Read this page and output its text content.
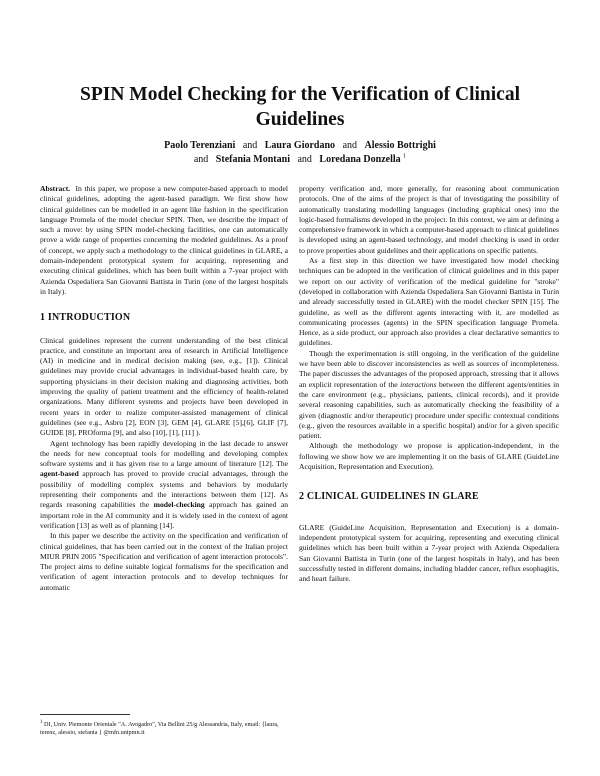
SPIN Model Checking for the Verification of Clinical Guidelines
Paolo Terenziani and Laura Giordano and Alessio Bottrighi
and Stefania Montani and Loredana Donzella $^1$

Abstract. In this paper, we propose a new computer-based approach to model clinical guidelines, adopting the agent-based paradigm. We first show how clinical guidelines can be modelled in an agent like fashion in the specification language Promela of the model checker SPIN. Then, we describe the impact of such a move: by using SPIN model-checking facilities, one can automatically prove a wide range of properties concerning the modeled guidelines. As a proof of concept, we apply such a methodology to the clinical guidelines in GLARE, a domain-independent prototypical system for acquiring, representing and executing clinical guidelines, which has been built within a 7-year project with Azienda Ospedaliera San Giovanni Battista in Turin (one of the largest hospitals in Italy).

1 INTRODUCTION

Clinical guidelines represent the current understanding of the best clinical practice, and constitute an important area of research in Artificial Intelligence (AI) in medicine and in medical decision making (see, e.g., [1]). Clinical guidelines may provide crucial advantages in individual-based health care, by supporting physicians in their decision making and diagnosing activities, both improving the quality of patient treatment and the efficiency of health-related organizations. Many different systems and projects have been developed in recent years in order to realize computer-assisted management of clinical guidelines (see e.g., Asbru [2], EON [3], GEM [4], GLARE [5],[6], GLIF [7], GUIDE [8], PROforma [9], and also [10], [1], [11] ).

Agent technology has been rapidly developing in the last decade to answer the needs for new conceptual tools for modelling and developing complex software systems and it has given rise to a large amount of literature [12]. The agent-based approach has proved to provide crucial advantages, through the possibility of modelling complex systems and behaviors by modularly representing their components and the interactions between them [12]. As regards reasoning capabilities the model-checking approach has gained an important role in the AI community and it is widely used in the context of agent verification [13] as well as of planning [14].

In this paper we describe the activity on the specification and verification of clinical guidelines, that has been carried out in the context of the Italian project MIUR PRIN 2005 "Specification and verification of agent interaction protocols". The project aims to define suitable logical formalisms for the specification and verification of agent interaction protocols and to develop techniques for automatic

property verification and, more generally, for reasoning about communication protocols. One of the aims of the project is that of investigating the possibility of automatically translating modelling languages (including graphical ones) into the logic-based formalisms developed in the project. In this context, we aim at defining a comprehensive framework in which a computer-based approach to clinical guidelines is developed using an agent-based technology, and model checking is used in order to prove properties about guidelines and their applications on specific patients.

As a first step in this direction we have investigated how model checking techniques can be adopted in the verification of clinical guidelines and in this paper we report on our activity of verification of the medical guideline for "stroke" (developed in collaboration with Azienda Ospedaliera San Giovanni Battista in Turin and already successfully tested in GLARE) with the model checker SPIN [15]. The guideline, as well as the different agents interacting with it, are modelled as communicating processes (agents) in the SPIN specification language Promela. Hence, as a side product, our approach also provides a clear declarative semantics to guidelines.

Though the experimentation is still ongoing, in the verification of the guideline we have been able to discover inconsistencies as well as sources of incompleteness. The paper discusses the advantages of the proposed approach, stressing that it allows an explicit representation of the interactions between the different agents/entities in the care environment (e.g., physicians, patients, clinical records), and it provide several reasoning capabilities, such as automatically checking the feasibility of a given (diagnostic and/or therapeutic) procedure under specific contextual conditions (e.g., given the resources available in a specific hospital) and/or for a given specific patient.

Although the methodology we propose is application-independent, in the following we show how we are implementing it on the basis of GLARE (GuideLine Acquisition, Representation and Execution).

2 CLINICAL GUIDELINES IN GLARE

GLARE (GuideLine Acquisition, Representation and Execution) is a domain-independent prototypical system for acquiring, representing and executing clinical guidelines which has been built within a 7-year project with Azienda Ospedaliera San Giovanni Battista in Turin (one of the largest hospitals in Italy), and has been successfully tested in different domains, including bladder cancer, reflux esophagitis, and heart failure.

$^1$ DI, Univ. Piemonte Orientale "A. Avogadro", Via Bellini 25/g Alessandria, Italy, email: {laura, terenz, alessio, stefania } @mfn.unipmn.it
